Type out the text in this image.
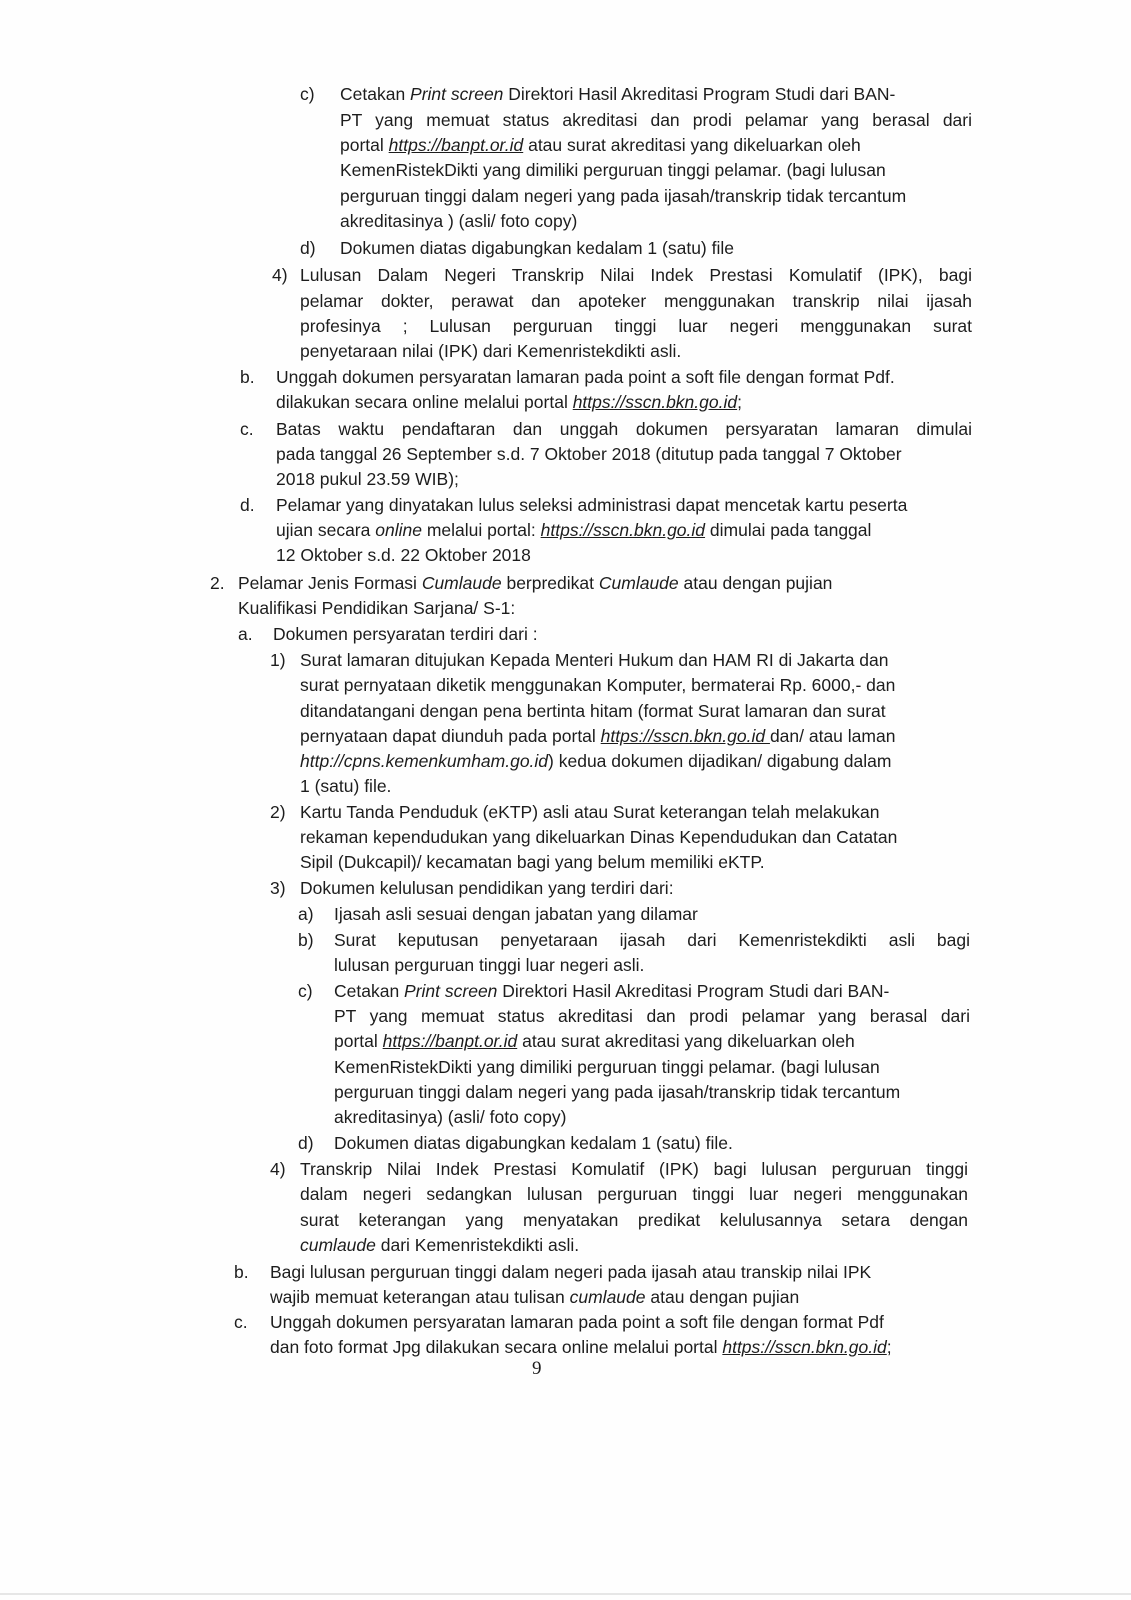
c) Cetakan Print screen Direktori Hasil Akreditasi Program Studi dari BAN-
PT yang memuat status akreditasi dan prodi pelamar yang berasal dari
portal https://banpt.or.id atau surat akreditasi yang dikeluarkan oleh
KemenRistekDikti yang dimiliki perguruan tinggi pelamar. (bagi lulusan
perguruan tinggi dalam negeri yang pada ijasah/transkrip tidak tercantum
akreditasinya ) (asli/ foto copy)
d) Dokumen diatas digabungkan kedalam 1 (satu) file
4) Lulusan Dalam Negeri Transkrip Nilai Indek Prestasi Komulatif (IPK), bagi
pelamar dokter, perawat dan apoteker menggunakan transkrip nilai ijasah
profesinya ; Lulusan perguruan tinggi luar negeri menggunakan surat
penyetaraan nilai (IPK) dari Kemenristekdikti asli.
b. Unggah dokumen persyaratan lamaran pada point a soft file dengan format Pdf.
dilakukan secara online melalui portal https://sscn.bkn.go.id;
c. Batas waktu pendaftaran dan unggah dokumen persyaratan lamaran dimulai
pada tanggal 26 September s.d. 7 Oktober 2018 (ditutup pada tanggal 7 Oktober
2018 pukul 23.59 WIB);
d. Pelamar yang dinyatakan lulus seleksi administrasi dapat mencetak kartu peserta
ujian secara online melalui portal: https://sscn.bkn.go.id dimulai pada tanggal
12 Oktober s.d. 22 Oktober 2018
2. Pelamar Jenis Formasi Cumlaude berpredikat Cumlaude atau dengan pujian
Kualifikasi Pendidikan Sarjana/ S-1:
a. Dokumen persyaratan terdiri dari :
1) Surat lamaran ditujukan Kepada Menteri Hukum dan HAM RI di Jakarta dan
surat pernyataan diketik menggunakan Komputer, bermaterai Rp. 6000,- dan
ditandatangani dengan pena bertinta hitam (format Surat lamaran dan surat
pernyataan dapat diunduh pada portal https://sscn.bkn.go.id dan/ atau laman
http://cpns.kemenkumham.go.id) kedua dokumen dijadikan/ digabung dalam
1 (satu) file.
2) Kartu Tanda Penduduk (eKTP) asli atau Surat keterangan telah melakukan
rekaman kependudukan yang dikeluarkan Dinas Kependudukan dan Catatan
Sipil (Dukcapil)/ kecamatan bagi yang belum memiliki eKTP.
3) Dokumen kelulusan pendidikan yang terdiri dari:
a) Ijasah asli sesuai dengan jabatan yang dilamar
b) Surat keputusan penyetaraan ijasah dari Kemenristekdikti asli bagi
lulusan perguruan tinggi luar negeri asli.
c) Cetakan Print screen Direktori Hasil Akreditasi Program Studi dari BAN-
PT yang memuat status akreditasi dan prodi pelamar yang berasal dari
portal https://banpt.or.id atau surat akreditasi yang dikeluarkan oleh
KemenRistekDikti yang dimiliki perguruan tinggi pelamar. (bagi lulusan
perguruan tinggi dalam negeri yang pada ijasah/transkrip tidak tercantum
akreditasinya) (asli/ foto copy)
d) Dokumen diatas digabungkan kedalam 1 (satu) file.
4) Transkrip Nilai Indek Prestasi Komulatif (IPK) bagi lulusan perguruan tinggi
dalam negeri sedangkan lulusan perguruan tinggi luar negeri menggunakan
surat keterangan yang menyatakan predikat kelulusannya setara dengan
cumlaude dari Kemenristekdikti asli.
b. Bagi lulusan perguruan tinggi dalam negeri pada ijasah atau transkip nilai IPK
wajib memuat keterangan atau tulisan cumlaude atau dengan pujian
c. Unggah dokumen persyaratan lamaran pada point a soft file dengan format Pdf
dan foto format Jpg dilakukan secara online melalui portal https://sscn.bkn.go.id;
9
